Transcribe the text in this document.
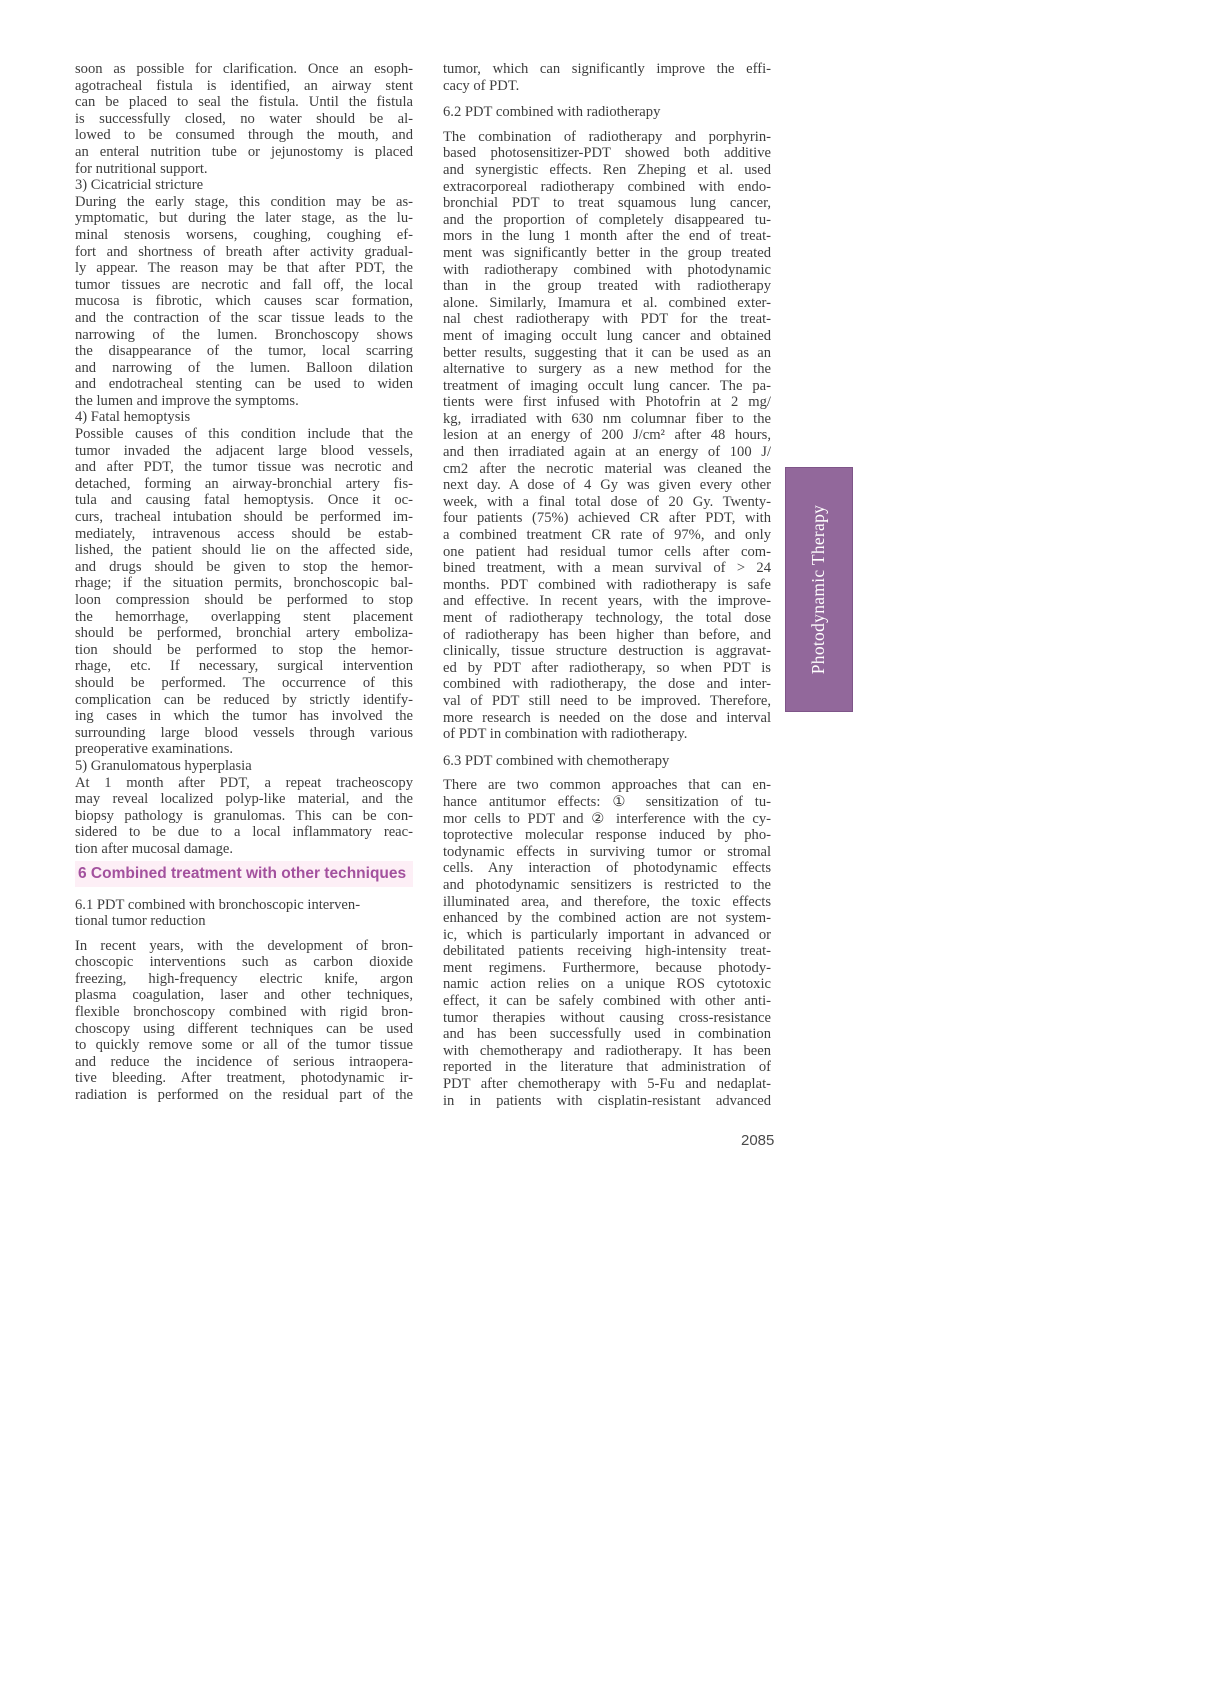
soon as possible for clarification. Once an esoph-
agotracheal fistula is identified, an airway stent
can be placed to seal the fistula. Until the fistula
is successfully closed, no water should be al-
lowed to be consumed through the mouth, and
an enteral nutrition tube or jejunostomy is placed
for nutritional support.
3) Cicatricial stricture
During the early stage, this condition may be as-
ymptomatic, but during the later stage, as the lu-
minal stenosis worsens, coughing, coughing ef-
fort and shortness of breath after activity gradual-
ly appear. The reason may be that after PDT, the
tumor tissues are necrotic and fall off, the local
mucosa is fibrotic, which causes scar formation,
and the contraction of the scar tissue leads to the
narrowing of the lumen. Bronchoscopy shows
the disappearance of the tumor, local scarring
and narrowing of the lumen. Balloon dilation
and endotracheal stenting can be used to widen
the lumen and improve the symptoms.
4) Fatal hemoptysis
Possible causes of this condition include that the
tumor invaded the adjacent large blood vessels,
and after PDT, the tumor tissue was necrotic and
detached, forming an airway-bronchial artery fis-
tula and causing fatal hemoptysis. Once it oc-
curs, tracheal intubation should be performed im-
mediately, intravenous access should be estab-
lished, the patient should lie on the affected side,
and drugs should be given to stop the hemor-
rhage; if the situation permits, bronchoscopic bal-
loon compression should be performed to stop
the hemorrhage, overlapping stent placement
should be performed, bronchial artery emboliza-
tion should be performed to stop the hemor-
rhage, etc. If necessary, surgical intervention
should be performed. The occurrence of this
complication can be reduced by strictly identify-
ing cases in which the tumor has involved the
surrounding large blood vessels through various
preoperative examinations.
5) Granulomatous hyperplasia
At 1 month after PDT, a repeat tracheoscopy
may reveal localized polyp-like material, and the
biopsy pathology is granulomas. This can be con-
sidered to be due to a local inflammatory reac-
tion after mucosal damage.
6 Combined treatment with other techniques
6.1 PDT combined with bronchoscopic interven-
tional tumor reduction
In recent years, with the development of bron-
choscopic interventions such as carbon dioxide
freezing, high-frequency electric knife, argon
plasma coagulation, laser and other techniques,
flexible bronchoscopy combined with rigid bron-
choscopy using different techniques can be used
to quickly remove some or all of the tumor tissue
and reduce the incidence of serious intraopera-
tive bleeding. After treatment, photodynamic ir-
radiation is performed on the residual part of the
tumor, which can significantly improve the effi-
cacy of PDT.
6.2 PDT combined with radiotherapy
The combination of radiotherapy and porphyrin-
based photosensitizer-PDT showed both additive
and synergistic effects. Ren Zheping et al. used
extracorporeal radiotherapy combined with endo-
bronchial PDT to treat squamous lung cancer,
and the proportion of completely disappeared tu-
mors in the lung 1 month after the end of treat-
ment was significantly better in the group treated
with radiotherapy combined with photodynamic
than in the group treated with radiotherapy
alone. Similarly, Imamura et al. combined exter-
nal chest radiotherapy with PDT for the treat-
ment of imaging occult lung cancer and obtained
better results, suggesting that it can be used as an
alternative to surgery as a new method for the
treatment of imaging occult lung cancer. The pa-
tients were first infused with Photofrin at 2 mg/
kg, irradiated with 630 nm columnar fiber to the
lesion at an energy of 200 J/cm² after 48 hours,
and then irradiated again at an energy of 100 J/
cm2 after the necrotic material was cleaned the
next day. A dose of 4 Gy was given every other
week, with a final total dose of 20 Gy. Twenty-
four patients (75%) achieved CR after PDT, with
a combined treatment CR rate of 97%, and only
one patient had residual tumor cells after com-
bined treatment, with a mean survival of > 24
months. PDT combined with radiotherapy is safe
and effective. In recent years, with the improve-
ment of radiotherapy technology, the total dose
of radiotherapy has been higher than before, and
clinically, tissue structure destruction is aggravat-
ed by PDT after radiotherapy, so when PDT is
combined with radiotherapy, the dose and inter-
val of PDT still need to be improved. Therefore,
more research is needed on the dose and interval
of PDT in combination with radiotherapy.
6.3 PDT combined with chemotherapy
There are two common approaches that can en-
hance antitumor effects: ① sensitization of tu-
mor cells to PDT and ② interference with the cy-
toprotective molecular response induced by pho-
todynamic effects in surviving tumor or stromal
cells. Any interaction of photodynamic effects
and photodynamic sensitizers is restricted to the
illuminated area, and therefore, the toxic effects
enhanced by the combined action are not system-
ic, which is particularly important in advanced or
debilitated patients receiving high-intensity treat-
ment regimens. Furthermore, because photody-
namic action relies on a unique ROS cytotoxic
effect, it can be safely combined with other anti-
tumor therapies without causing cross-resistance
and has been successfully used in combination
with chemotherapy and radiotherapy. It has been
reported in the literature that administration of
PDT after chemotherapy with 5-Fu and nedaplat-
in in patients with cisplatin-resistant advanced
Photodynamic Therapy
2085
